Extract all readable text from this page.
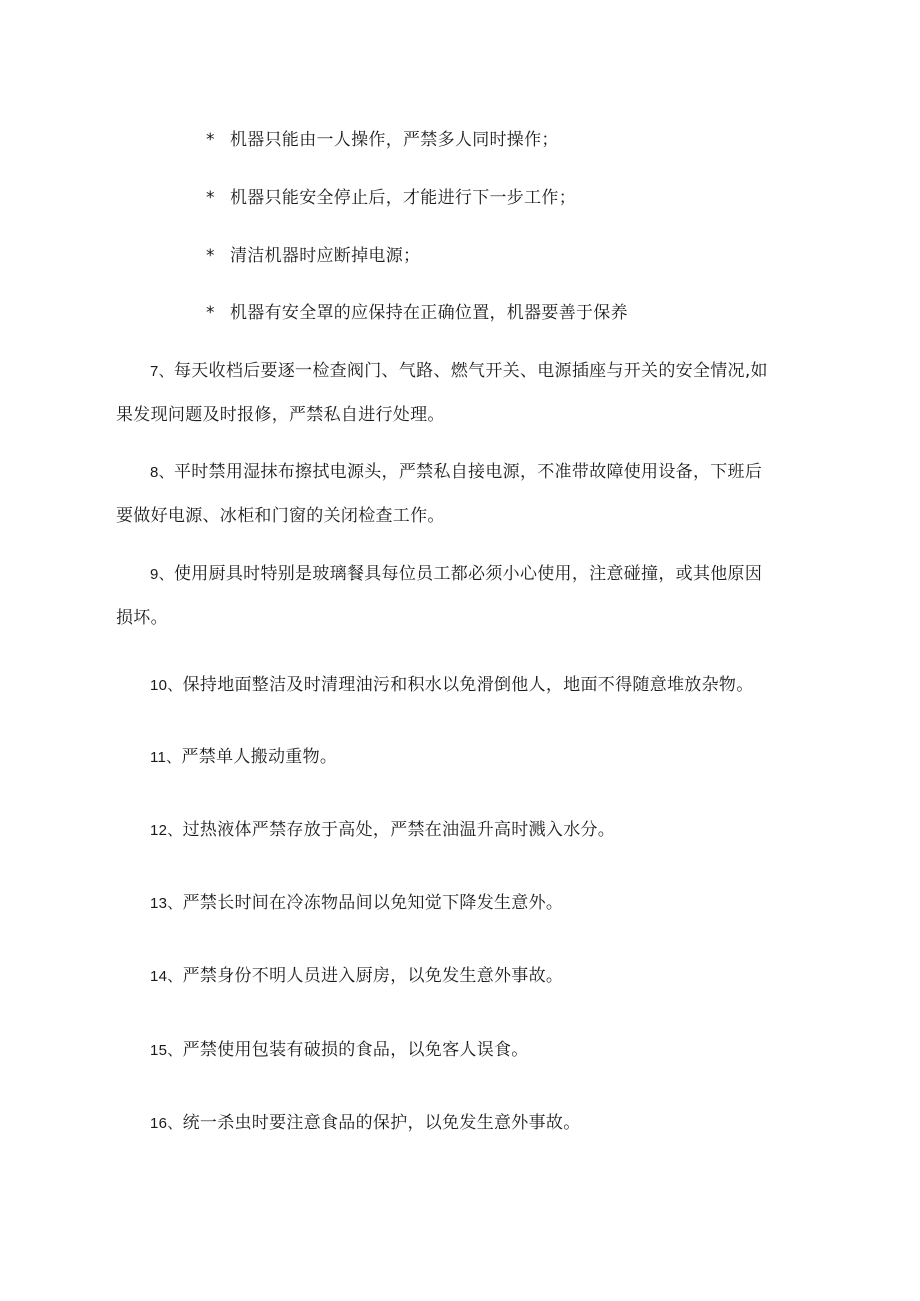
* 机器只能由一人操作，严禁多人同时操作；
* 机器只能安全停止后，才能进行下一步工作；
* 清洁机器时应断掉电源；
* 机器有安全罩的应保持在正确位置，机器要善于保养
7、每天收档后要逐一检查阀门、气路、燃气开关、电源插座与开关的安全情况,如
果发现问题及时报修，严禁私自进行处理。
8、平时禁用湿抹布擦拭电源头，严禁私自接电源，不准带故障使用设备，下班后
要做好电源、冰柜和门窗的关闭检查工作。
9、使用厨具时特别是玻璃餐具每位员工都必须小心使用，注意碰撞，或其他原因
损坏。
10、保持地面整洁及时清理油污和积水以免滑倒他人，地面不得随意堆放杂物。
11、严禁单人搬动重物。
12、过热液体严禁存放于高处，严禁在油温升高时溅入水分。
13、严禁长时间在冷冻物品间以免知觉下降发生意外。
14、严禁身份不明人员进入厨房，以免发生意外事故。
15、严禁使用包装有破损的食品，以免客人误食。
16、统一杀虫时要注意食品的保护，以免发生意外事故。
